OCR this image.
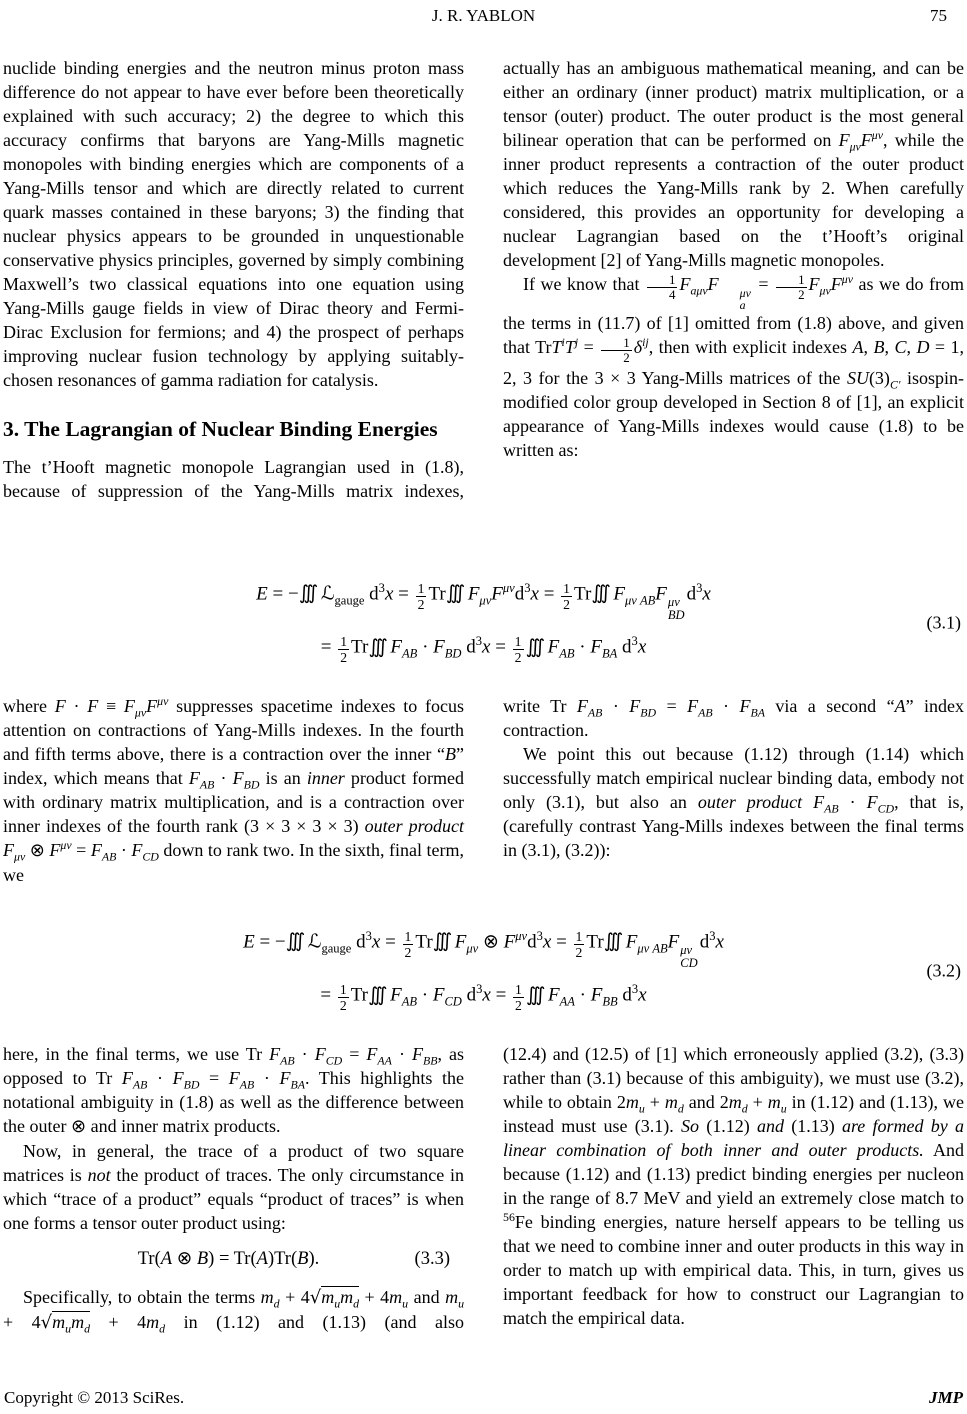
J. R. YABLON	75

nuclide binding energies and the neutron minus proton mass difference do not appear to have ever before been theoretically explained with such accuracy; 2) the degree to which this accuracy confirms that baryons are Yang-Mills magnetic monopoles with binding energies which are components of a Yang-Mills tensor and which are directly related to current quark masses contained in these baryons; 3) the finding that nuclear physics appears to be grounded in unquestionable conservative physics principles, governed by simply combining Maxwell’s two classical equations into one equation using Yang-Mills gauge fields in view of Dirac theory and Fermi-Dirac Exclusion for fermions; and 4) the prospect of perhaps improving nuclear fusion technology by applying suitably-chosen resonances of gamma radiation for catalysis.

3. The Lagrangian of Nuclear Binding Energies

The t’Hooft magnetic monopole Lagrangian used in (1.8), because of suppression of the Yang-Mills matrix indexes,

actually has an ambiguous mathematical meaning, and can be either an ordinary (inner product) matrix multiplication, or a tensor (outer) product. The outer product is the most general bilinear operation that can be performed on $F_{\mu\nu}F^{\mu\nu}$, while the inner product represents a contraction of the outer product which reduces the Yang-Mills rank by 2. When carefully considered, this provides an opportunity for developing a nuclear Lagrangian based on the t’Hooft’s original development [2] of Yang-Mills magnetic monopoles.

If we know that $\frac{1}{4} F_{a\mu\nu}F$	μν
a
= $\frac{1}{2} F_{\mu\nu}F^{\mu\nu}$ as we do from the terms in (11.7) of [1] omitted from (1.8) above, and given that $TrT^iT^j = \frac{1}{2} \delta^{ij}$, then with explicit indexes A, B, C, D = 1, 2, 3 for the 3 × 3 Yang-Mills matrices of the $SU(3)_{C'}$ isospin-modified color group developed in Section 8 of [1], an explicit appearance of Yang-Mills indexes would cause (1.8) to be written as:

E = −∫∫∫ ℒ$_{gauge}$ $d^3x = \frac{1}{2} Tr\int\int\int$ $F_{\mu\nu}F^{\mu\nu}d^3x = \frac{1}{2} Tr\int\int\int$ $F_{\mu\nu AB}F$ μν
BD
$d^3x$
= $\frac{1}{2} Tr\int\int\int$ $F_{AB} \cdot F_{BD}$ $d^3x = \frac{1}{2}$ ∫∫∫ $F_{AB} \cdot F_{BA}$ $d^3x$
(3.1)

where $F \cdot F \equiv F_{\mu\nu}F^{\mu\nu}$ suppresses spacetime indexes to focus attention on contractions of Yang-Mills indexes. In the fourth and fifth terms above, there is a contraction over the inner “B” index, which means that $F_{AB} \cdot F_{BD}$ is an inner product formed with ordinary matrix multiplication, and is a contraction over inner indexes of the fourth rank (3 × 3 × 3 × 3) outer product $F_{\mu\nu}$ ⊗ $F^{\mu\nu} = F_{AB} \cdot F_{CD}$ down to rank two. In the sixth, final term, we

write Tr $F_{AB} \cdot F_{BD} = F_{AB} \cdot F_{BA}$ via a second “A” index contraction.

We point this out because (1.12) through (1.14) which successfully match empirical nuclear binding data, embody not only (3.1), but also an outer product $F_{AB} \cdot F_{CD}$, that is, (carefully contrast Yang-Mills indexes between the final terms in (3.1), (3.2)):

E = −∫∫∫ ℒ$_{gauge}$ $d^3x = \frac{1}{2} Tr\int\int\int$ $F_{\mu\nu}$ ⊗ $F^{\mu\nu}d^3x = \frac{1}{2} Tr\int\int\int$ $F_{\mu\nu AB}F$ μν
CD
$d^3x$
= $\frac{1}{2} Tr\int\int\int$ $F_{AB} \cdot F_{CD}$ $d^3x = \frac{1}{2}$ ∫∫∫ $F_{AA} \cdot F_{BB}$ $d^3x$
(3.2)

here, in the final terms, we use Tr $F_{AB} \cdot F_{CD} = F_{AA} \cdot F_{BB}$, as opposed to Tr $F_{AB} \cdot F_{BD} = F_{AB} \cdot F_{BA}$. This highlights the notational ambiguity in (1.8) as well as the difference between the outer ⊗ and inner matrix products.

Now, in general, the trace of a product of two square matrices is not the product of traces. The only circumstance in which “trace of a product” equals “product of traces” is when one forms a tensor outer product using:

Tr(A ⊗ B) = Tr(A)Tr(B).	(3.3)

Specifically, to obtain the terms $m_d + 4√m_um_d + 4m_u$ and $m_u + 4√m_um_d + 4m_d$ in (1.12) and (1.13) (and also

(12.4) and (12.5) of [1] which erroneously applied (3.2), (3.3) rather than (3.1) because of this ambiguity), we must use (3.2), while to obtain $2m_u + m_d$ and $2m_d + m_u$ in (1.12) and (1.13), we instead must use (3.1). So (1.12) and (1.13) are formed by a linear combination of both inner and outer products. And because (1.12) and (1.13) predict binding energies per nucleon in the range of 8.7 MeV and yield an extremely close match to $^{56}$Fe binding energies, nature herself appears to be telling us that we need to combine inner and outer products in this way in order to match up with empirical data. This, in turn, gives us important feedback for how to construct our Lagrangian to match the empirical data.

Copyright © 2013 SciRes.	JMP
